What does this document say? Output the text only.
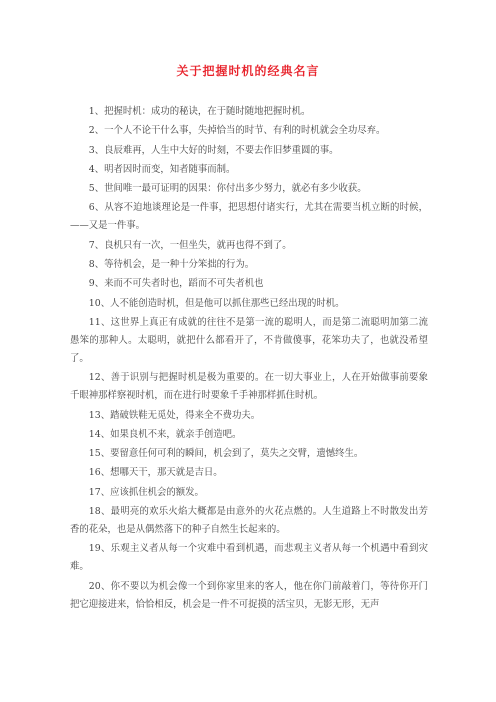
关于把握时机的经典名言

1、把握时机：成功的秘诀，在于随时随地把握时机。

2、一个人不论干什么事，失掉恰当的时节、有利的时机就会全功尽弃。

3、良辰难再，人生中大好的时刻，不要去作旧梦重圆的事。

4、明者因时而变，知者随事而制。

5、世间唯一最可证明的因果：你付出多少努力，就必有多少收获。

6、从容不迫地谈理论是一件事，把思想付诸实行，尤其在需要当机立断的时候，——又是一件事。

7、良机只有一次，一但坐失，就再也得不到了。

8、等待机会，是一种十分笨拙的行为。

9、来而不可失者时也，蹈而不可失者机也

10、人不能创造时机，但是他可以抓住那些已经出现的时机。

11、这世界上真正有成就的往往不是第一流的聪明人，而是第二流聪明加第二流愚笨的那种人。太聪明，就把什么都看开了，不肯做傻事，花笨功夫了，也就没希望了。

12、善于识别与把握时机是极为重要的。在一切大事业上，人在开始做事前要象千眼神那样察视时机，而在进行时要象千手神那样抓住时机。

13、踏破铁鞋无觅处，得来全不费功夫。

14、如果良机不来，就亲手创造吧。

15、要留意任何可利的瞬间，机会到了，莫失之交臂，遗憾终生。

16、想哪天干，那天就是吉日。

17、应该抓住机会的额发。

18、最明亮的欢乐火焰大概都是由意外的火花点燃的。人生道路上不时散发出芳香的花朵，也是从偶然落下的种子自然生长起来的。

19、乐观主义者从每一个灾难中看到机遇，而悲观主义者从每一个机遇中看到灾难。

20、你不要以为机会像一个到你家里来的客人，他在你门前敲着门，等待你开门把它迎接进来，恰恰相反，机会是一件不可捉摸的活宝贝，无影无形，无声
